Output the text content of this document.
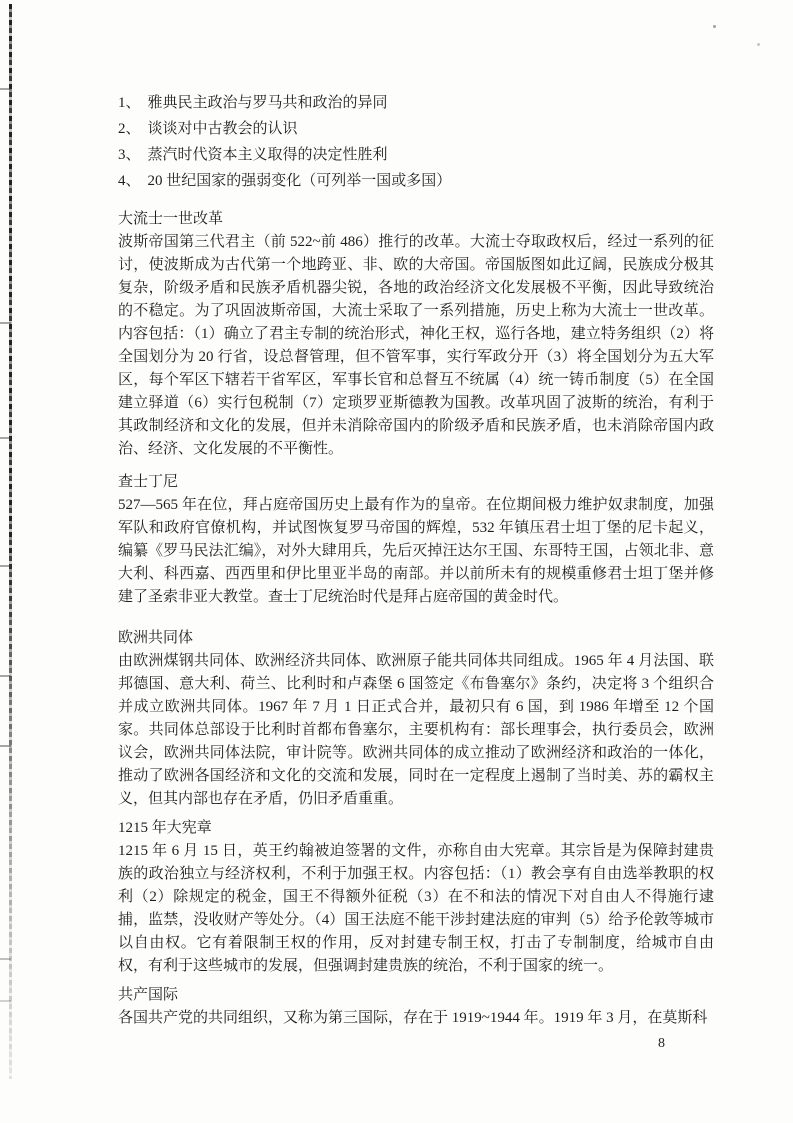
1、 雅典民主政治与罗马共和政治的异同
2、 谈谈对中古教会的认识
3、 蒸汽时代资本主义取得的决定性胜利
4、 20 世纪国家的强弱变化（可列举一国或多国）
大流士一世改革

波斯帝国第三代君主（前 522~前 486）推行的改革。大流士夺取政权后，经过一系列的征讨，使波斯成为古代第一个地跨亚、非、欧的大帝国。帝国版图如此辽阔，民族成分极其复杂，阶级矛盾和民族矛盾机器尖锐，各地的政治经济文化发展极不平衡，因此导致统治的不稳定。为了巩固波斯帝国，大流士采取了一系列措施，历史上称为大流士一世改革。内容包括：（1）确立了君主专制的统治形式，神化王权，巡行各地，建立特务组织（2）将全国划分为 20 行省，设总督管理，但不管军事，实行军政分开（3）将全国划分为五大军区，每个军区下辖若干省军区，军事长官和总督互不统属（4）统一铸币制度（5）在全国建立驿道（6）实行包税制（7）定琐罗亚斯德教为国教。改革巩固了波斯的统治，有利于其政制经济和文化的发展，但并未消除帝国内的阶级矛盾和民族矛盾，也未消除帝国内政治、经济、文化发展的不平衡性。

查士丁尼

527—565 年在位，拜占庭帝国历史上最有作为的皇帝。在位期间极力维护奴隶制度，加强军队和政府官僚机构，并试图恢复罗马帝国的辉煌，532 年镇压君士坦丁堡的尼卡起义，编纂《罗马民法汇编》，对外大肆用兵，先后灭掉汪达尔王国、东哥特王国，占领北非、意大利、科西嘉、西西里和伊比里亚半岛的南部。并以前所未有的规模重修君士坦丁堡并修建了圣索非亚大教堂。查士丁尼统治时代是拜占庭帝国的黄金时代。

欧洲共同体

由欧洲煤钢共同体、欧洲经济共同体、欧洲原子能共同体共同组成。1965 年 4 月法国、联邦德国、意大利、荷兰、比利时和卢森堡 6 国签定《布鲁塞尔》条约，决定将 3 个组织合并成立欧洲共同体。1967 年 7 月 1 日正式合并，最初只有 6 国，到 1986 年增至 12 个国家。共同体总部设于比利时首都布鲁塞尔，主要机构有：部长理事会，执行委员会，欧洲议会，欧洲共同体法院，审计院等。欧洲共同体的成立推动了欧洲经济和政治的一体化，推动了欧洲各国经济和文化的交流和发展，同时在一定程度上遏制了当时美、苏的霸权主义，但其内部也存在矛盾，仍旧矛盾重重。

1215 年大宪章

1215 年 6 月 15 日，英王约翰被迫签署的文件，亦称自由大宪章。其宗旨是为保障封建贵族的政治独立与经济权利，不利于加强王权。内容包括：（1）教会享有自由选举教职的权利（2）除规定的税金，国王不得额外征税（3）在不和法的情况下对自由人不得施行逮捕，监禁，没收财产等处分。（4）国王法庭不能干涉封建法庭的审判（5）给予伦敦等城市以自由权。它有着限制王权的作用，反对封建专制王权，打击了专制制度，给城市自由权，有利于这些城市的发展，但强调封建贵族的统治，不利于国家的统一。

共产国际

各国共产党的共同组织，又称为第三国际，存在于 1919~1944 年。1919 年 3 月，在莫斯科

8
